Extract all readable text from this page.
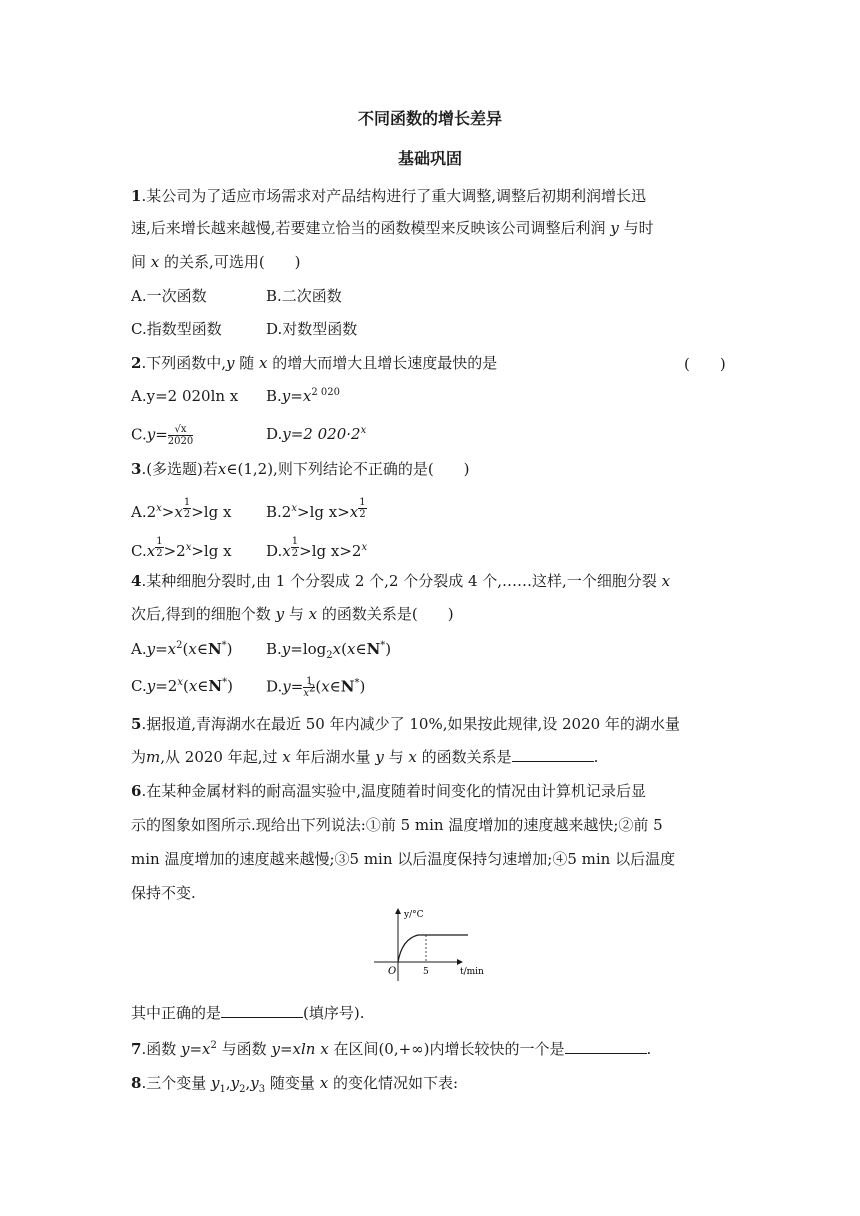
不同函数的增长差异
基础巩固
1.某公司为了适应市场需求对产品结构进行了重大调整,调整后初期利润增长迅
速,后来增长越来越慢,若要建立恰当的函数模型来反映该公司调整后利润 y 与时
间 x 的关系,可选用(　　)
A.一次函数	B.二次函数
C.指数型函数	D.对数型函数
2.下列函数中,y 随 x 的增大而增大且增长速度最快的是	(　　)
A.y=2 020ln x $B.y=x^{2 020}$
$C.y= \frac{√x}{2020}$	D.y=2 $020\cdot 2^x$
3.(多选题)若x∈(1,2),则下列结论不正确的是(　　)
$A.2^x>x$ $^{\frac{1}{2}}$ >lg x $B.2^x>\lg$ x>x $^{\frac{1}{2}}$
C.x $^{\frac{1}{2}} >2^x>\lg$ x D.x $^{\frac{1}{2}}$ >lg $x>2^x$
4.某种细胞分裂时,由 1 个分裂成 2 个,2 个分裂成 4 个,……这样,一个细胞分裂 x
次后,得到的细胞个数 y 与 x 的函数关系是(　　)
$A.y=x^2(x\in N^*)$ $B.y=\log_2x(x\in N^*)$
$C.y=2^x(x\in N^*)$ $D.y= \frac{1}{x^2}$ (x∈N*)
5.据报道,青海湖水在最近 50 年内减少了 10%,如果按此规律,设 2020 年的湖水量
为m,从 2020 年起,过 x 年后湖水量 y 与 x 的函数关系是	.
6.在某种金属材料的耐高温实验中,温度随着时间变化的情况由计算机记录后显
示的图象如图所示.现给出下列说法:①前 5 min 温度增加的速度越来越快;②前 5
min 温度增加的速度越来越慢;③5 min 以后温度保持匀速增加;④5 min 以后温度
保持不变.
y/°C
t/min
O	5
其中正确的是	(填序号).
7.函数 $y=x^2$ 与函数 y=xln x 在区间(0,+∞)内增长较快的一个是	.
8.三个变量 $y_1,y_2,y_3$ 随变量 x 的变化情况如下表:
